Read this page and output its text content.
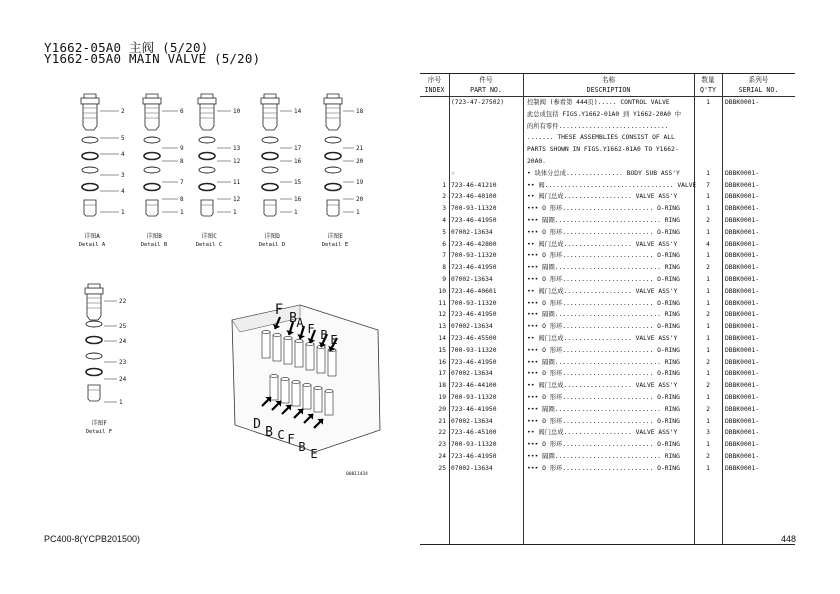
Y1662-05A0 主阀 (5/20)
Y1662-05A0 MAIN VALVE (5/20)
2
5
4
3
4
1
详图A
Detail A
6
9
8
7
8
1
详图B
Detail B
10
13
12
11
12
1
详图C
Detail C
14
17
16
15
16
1
详图D
Detail D
18
21
20
19
20
1
详图E
Detail E
22
25
24
23
24
1
详图F
Detail F
F
B A F B E
D
B C F
B E
00011434
序号
INDEX
件号
PART NO.
名称
DESCRIPTION
数量
Q'TY
系列号
SERIAL NO.
(723-47-27502)	控制阀 (参看第 444页)..... CONTROL VALVE	1	DBBK0001-
此总成包括 FIGS.Y1662-01A0 到 Y1662-20A0 中
的所有零件.............................
....... THESE ASSEMBLIES CONSIST OF ALL
PARTS SHOWN IN FIGS.Y1662-01A0 TO Y1662-
20A0.
☆	• 块体分总成............... BODY SUB ASS'Y	1	DBBK0001-
1 723-46-41210	•• 阀.................................. VALVE	7	DBBK0001-
2 723-46-40100	•• 阀门总成.................. VALVE ASS'Y	1	DBBK0001-
3 700-93-11320	••• O 形环........................ O-RING	1	DBBK0001-
4 723-46-41950	••• 隔圈............................ RING	2	DBBK0001-
5 07002-13634	••• O 形环........................ O-RING	1	DBBK0001-
6 723-46-42800	•• 阀门总成.................. VALVE ASS'Y	4	DBBK0001-
7 700-93-11320	••• O 形环........................ O-RING	1	DBBK0001-
8 723-46-41950	••• 隔圈............................ RING	2	DBBK0001-
9 07002-13634	••• O 形环........................ O-RING	1	DBBK0001-
10 723-46-40601	•• 阀门总成.................. VALVE ASS'Y	1	DBBK0001-
11 700-93-11320	••• O 形环........................ O-RING	1	DBBK0001-
12 723-46-41950	••• 隔圈............................ RING	2	DBBK0001-
13 07002-13634	••• O 形环........................ O-RING	1	DBBK0001-
14 723-46-45500	•• 阀门总成.................. VALVE ASS'Y	1	DBBK0001-
15 700-93-11320	••• O 形环........................ O-RING	1	DBBK0001-
16 723-46-41950	••• 隔圈............................ RING	2	DBBK0001-
17 07002-13634	••• O 形环........................ O-RING	1	DBBK0001-
18 723-46-44100	•• 阀门总成.................. VALVE ASS'Y	2	DBBK0001-
19 700-93-11320	••• O 形环........................ O-RING	1	DBBK0001-
20 723-46-41950	••• 隔圈............................ RING	2	DBBK0001-
21 07002-13634	••• O 形环........................ O-RING	1	DBBK0001-
22 723-46-45100	•• 阀门总成.................. VALVE ASS'Y	3	DBBK0001-
23 700-93-11320	••• O 形环........................ O-RING	1	DBBK0001-
24 723-46-41950	••• 隔圈............................ RING	2	DBBK0001-
25 07002-13634	••• O 形环........................ O-RING	1	DBBK0001-
PC400-8(YCPB201500)	448
